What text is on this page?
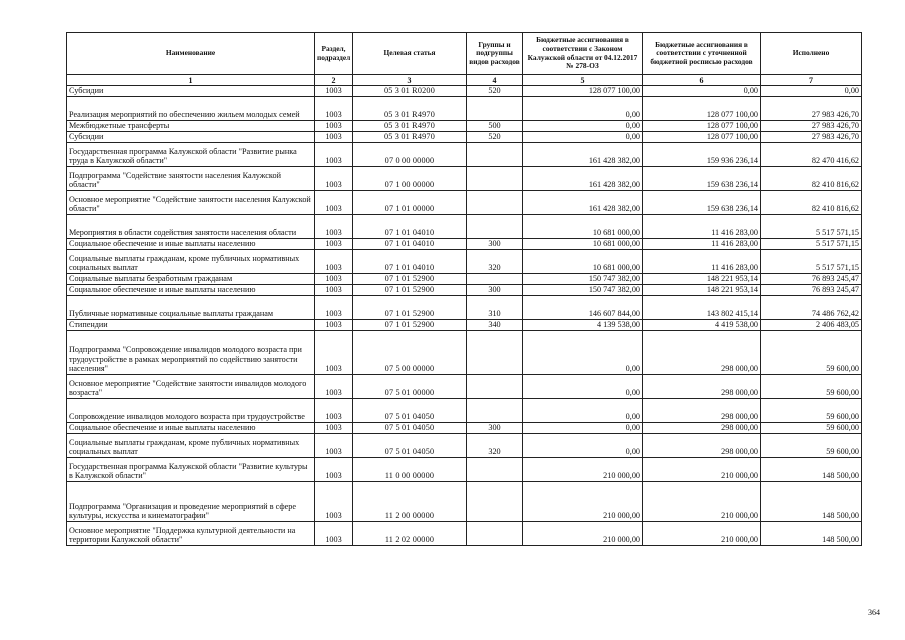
Наименование	Раздел, подраздел	Целевая статья	Группы и подгруппы видов расходов	Бюджетные ассигнования в соответствии с Законом Калужской области от 04.12.2017 № 278-ОЗ	Бюджетные ассигнования в соответствии с уточненной бюджетной росписью расходов	Исполнено
1	2	3	4	5	6	7
Субсидии	1003	05 3 01 R0200	520	128 077 100,00	0,00	0,00
Реализация мероприятий по обеспечению жильем молодых семей	1003	05 3 01 R4970		0,00	128 077 100,00	27 983 426,70
Межбюджетные трансферты	1003	05 3 01 R4970	500	0,00	128 077 100,00	27 983 426,70
Субсидии	1003	05 3 01 R4970	520	0,00	128 077 100,00	27 983 426,70
Государственная программа Калужской области "Развитие рынка труда в Калужской области"	1003	07 0 00 00000		161 428 382,00	159 936 236,14	82 470 416,62
Подпрограмма "Содействие занятости населения Калужской области"	1003	07 1 00 00000		161 428 382,00	159 638 236,14	82 410 816,62
Основное мероприятие "Содействие занятости населения Калужской области"	1003	07 1 01 00000		161 428 382,00	159 638 236,14	82 410 816,62
Мероприятия в области содействия занятости населения области	1003	07 1 01 04010		10 681 000,00	11 416 283,00	5 517 571,15
Социальное обеспечение и иные выплаты населению	1003	07 1 01 04010	300	10 681 000,00	11 416 283,00	5 517 571,15
Социальные выплаты гражданам, кроме публичных нормативных социальных выплат	1003	07 1 01 04010	320	10 681 000,00	11 416 283,00	5 517 571,15
Социальные выплаты безработным гражданам	1003	07 1 01 52900		150 747 382,00	148 221 953,14	76 893 245,47
Социальное обеспечение и иные выплаты населению	1003	07 1 01 52900	300	150 747 382,00	148 221 953,14	76 893 245,47
Публичные нормативные социальные выплаты гражданам	1003	07 1 01 52900	310	146 607 844,00	143 802 415,14	74 486 762,42
Стипендии	1003	07 1 01 52900	340	4 139 538,00	4 419 538,00	2 406 483,05
Подпрограмма "Сопровождение инвалидов молодого возраста при трудоустройстве в рамках мероприятий по содействию занятости населения"	1003	07 5 00 00000		0,00	298 000,00	59 600,00
Основное мероприятие "Содействие занятости инвалидов молодого возраста"	1003	07 5 01 00000		0,00	298 000,00	59 600,00
Сопровождение инвалидов молодого возраста при трудоустройстве	1003	07 5 01 04050		0,00	298 000,00	59 600,00
Социальное обеспечение и иные выплаты населению	1003	07 5 01 04050	300	0,00	298 000,00	59 600,00
Социальные выплаты гражданам, кроме публичных нормативных социальных выплат	1003	07 5 01 04050	320	0,00	298 000,00	59 600,00
Государственная программа Калужской области "Развитие культуры в Калужской области"	1003	11 0 00 00000		210 000,00	210 000,00	148 500,00
Подпрограмма "Организация и проведение мероприятий в сфере культуры, искусства и кинематографии"	1003	11 2 00 00000		210 000,00	210 000,00	148 500,00
Основное мероприятие "Поддержка культурной деятельности на территории Калужской области"	1003	11 2 02 00000		210 000,00	210 000,00	148 500,00
364
